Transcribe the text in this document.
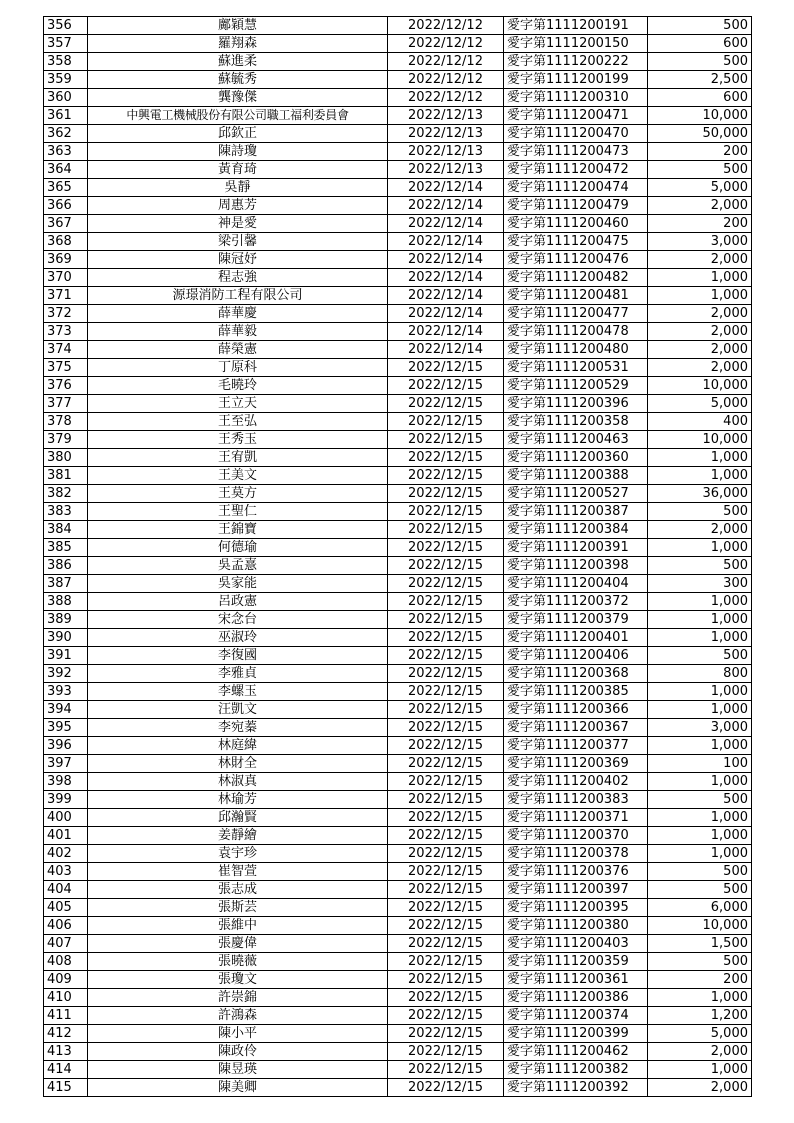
356	鄺穎慧	2022/12/12	愛字第1111200191	500
357	羅翔森	2022/12/12	愛字第1111200150	600
358	蘇進柔	2022/12/12	愛字第1111200222	500
359	蘇毓秀	2022/12/12	愛字第1111200199	2,500
360	龔豫傑	2022/12/12	愛字第1111200310	600
361	中興電工機械股份有限公司職工福利委員會	2022/12/13	愛字第1111200471	10,000
362	邱欽正	2022/12/13	愛字第1111200470	50,000
363	陳詩瓊	2022/12/13	愛字第1111200473	200
364	黃育琦	2022/12/13	愛字第1111200472	500
365	吳靜	2022/12/14	愛字第1111200474	5,000
366	周惠芳	2022/12/14	愛字第1111200479	2,000
367	神是愛	2022/12/14	愛字第1111200460	200
368	梁引馨	2022/12/14	愛字第1111200475	3,000
369	陳冠妤	2022/12/14	愛字第1111200476	2,000
370	程志強	2022/12/14	愛字第1111200482	1,000
371	源璟消防工程有限公司	2022/12/14	愛字第1111200481	1,000
372	薛華慶	2022/12/14	愛字第1111200477	2,000
373	薛華毅	2022/12/14	愛字第1111200478	2,000
374	薛榮憲	2022/12/14	愛字第1111200480	2,000
375	丁原科	2022/12/15	愛字第1111200531	2,000
376	毛曉玲	2022/12/15	愛字第1111200529	10,000
377	王立天	2022/12/15	愛字第1111200396	5,000
378	王至弘	2022/12/15	愛字第1111200358	400
379	王秀玉	2022/12/15	愛字第1111200463	10,000
380	王宥凱	2022/12/15	愛字第1111200360	1,000
381	王美文	2022/12/15	愛字第1111200388	1,000
382	王莫方	2022/12/15	愛字第1111200527	36,000
383	王聖仁	2022/12/15	愛字第1111200387	500
384	王錦寶	2022/12/15	愛字第1111200384	2,000
385	何德瑜	2022/12/15	愛字第1111200391	1,000
386	吳孟憙	2022/12/15	愛字第1111200398	500
387	吳家能	2022/12/15	愛字第1111200404	300
388	呂政憲	2022/12/15	愛字第1111200372	1,000
389	宋念台	2022/12/15	愛字第1111200379	1,000
390	巫淑玲	2022/12/15	愛字第1111200401	1,000
391	李復國	2022/12/15	愛字第1111200406	500
392	李雅貞	2022/12/15	愛字第1111200368	800
393	李螺玉	2022/12/15	愛字第1111200385	1,000
394	汪凱文	2022/12/15	愛字第1111200366	1,000
395	李宛蓁	2022/12/15	愛字第1111200367	3,000
396	林庭緯	2022/12/15	愛字第1111200377	1,000
397	林財全	2022/12/15	愛字第1111200369	100
398	林淑真	2022/12/15	愛字第1111200402	1,000
399	林瑜芳	2022/12/15	愛字第1111200383	500
400	邱瀚賢	2022/12/15	愛字第1111200371	1,000
401	姜靜繪	2022/12/15	愛字第1111200370	1,000
402	袁宇珍	2022/12/15	愛字第1111200378	1,000
403	崔智萱	2022/12/15	愛字第1111200376	500
404	張志成	2022/12/15	愛字第1111200397	500
405	張斯芸	2022/12/15	愛字第1111200395	6,000
406	張維中	2022/12/15	愛字第1111200380	10,000
407	張慶偉	2022/12/15	愛字第1111200403	1,500
408	張曉薇	2022/12/15	愛字第1111200359	500
409	張瓊文	2022/12/15	愛字第1111200361	200
410	許崇錦	2022/12/15	愛字第1111200386	1,000
411	許鴻森	2022/12/15	愛字第1111200374	1,200
412	陳小平	2022/12/15	愛字第1111200399	5,000
413	陳政伶	2022/12/15	愛字第1111200462	2,000
414	陳昱瑛	2022/12/15	愛字第1111200382	1,000
415	陳美卿	2022/12/15	愛字第1111200392	2,000
